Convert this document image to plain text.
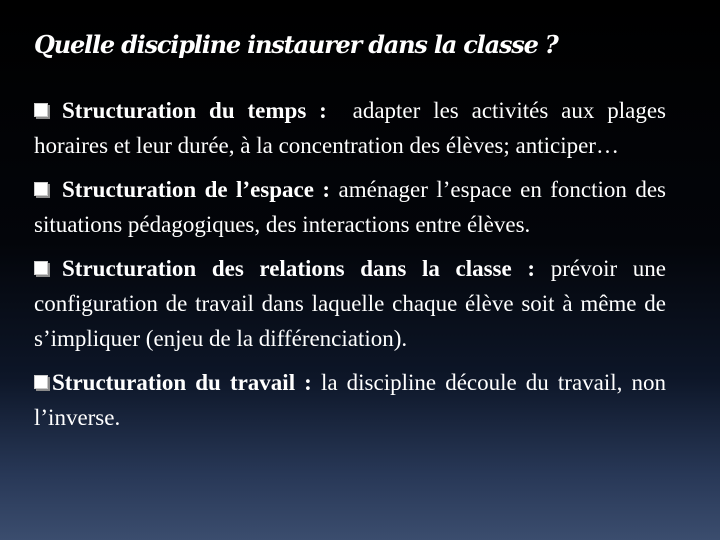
Quelle discipline instaurer dans la classe ?

Structuration du temps : adapter les activités aux plages horaires et leur durée, à la concentration des élèves; anticiper…

Structuration de l’espace : aménager l’espace en fonction des situations pédagogiques, des interactions entre élèves.

Structuration des relations dans la classe : prévoir une configuration de travail dans laquelle chaque élève soit à même de s’impliquer (enjeu de la différenciation).

Structuration du travail : la discipline découle du travail, non l’inverse.
